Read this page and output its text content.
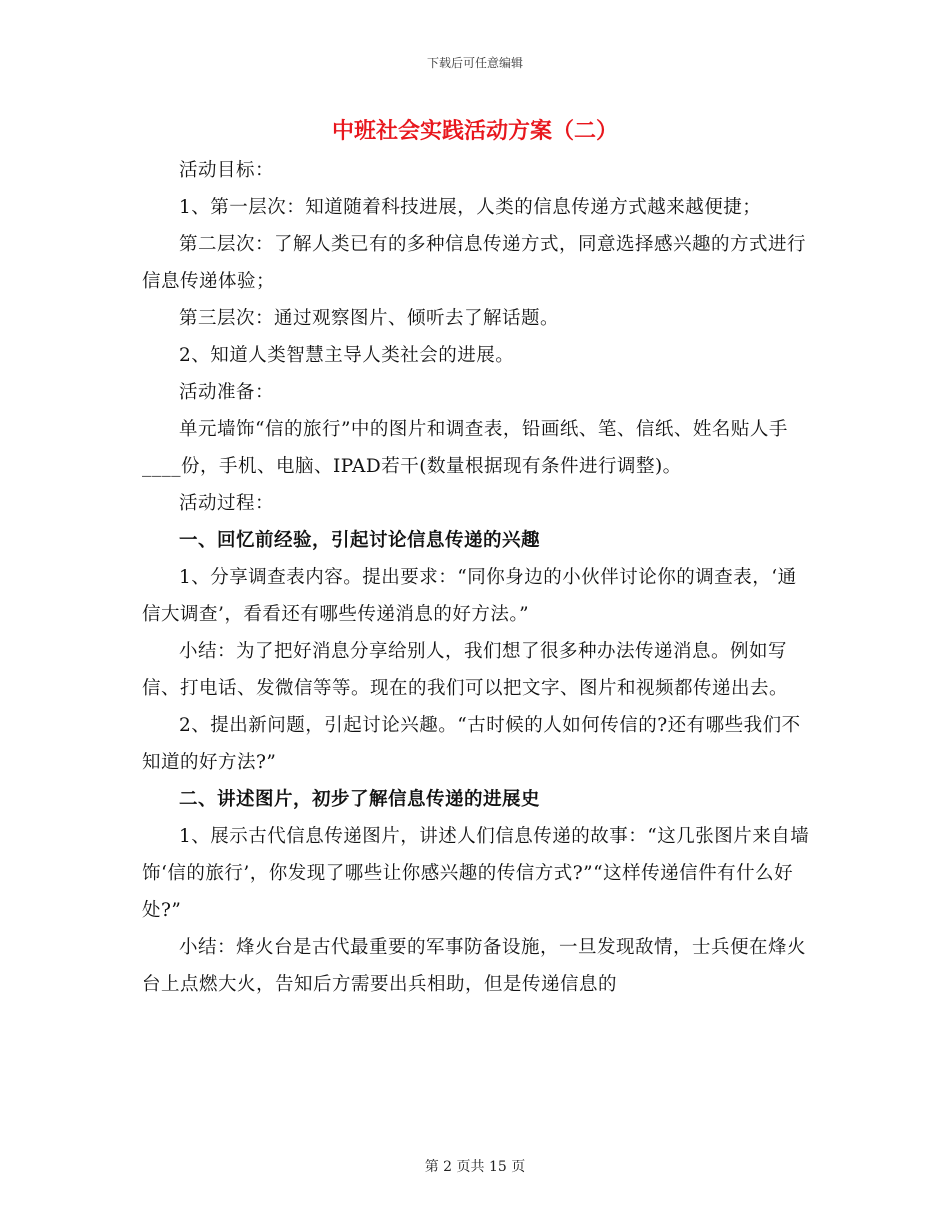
下载后可任意编辑
中班社会实践活动方案（二）

活动目标：

1、第一层次：知道随着科技进展，人类的信息传递方式越来越便捷；

第二层次：了解人类已有的多种信息传递方式，同意选择感兴趣的方式进行信息传递体验；

第三层次：通过观察图片、倾听去了解话题。

2、知道人类智慧主导人类社会的进展。

活动准备：

单元墙饰“信的旅行”中的图片和调查表，铅画纸、笔、信纸、姓名贴人手____份，手机、电脑、IPAD若干(数量根据现有条件进行调整)。

活动过程：

一、回忆前经验，引起讨论信息传递的兴趣

1、分享调查表内容。提出要求：“同你身边的小伙伴讨论你的调查表，‘通信大调查’，看看还有哪些传递消息的好方法。”

小结：为了把好消息分享给别人，我们想了很多种办法传递消息。例如写信、打电话、发微信等等。现在的我们可以把文字、图片和视频都传递出去。

2、提出新问题，引起讨论兴趣。“古时候的人如何传信的?还有哪些我们不知道的好方法?”

二、讲述图片，初步了解信息传递的进展史

1、展示古代信息传递图片，讲述人们信息传递的故事：“这几张图片来自墙饰‘信的旅行’，你发现了哪些让你感兴趣的传信方式?”“这样传递信件有什么好处?”

小结：烽火台是古代最重要的军事防备设施，一旦发现敌情，士兵便在烽火台上点燃大火，告知后方需要出兵相助，但是传递信息的

第 2 页共 15 页
